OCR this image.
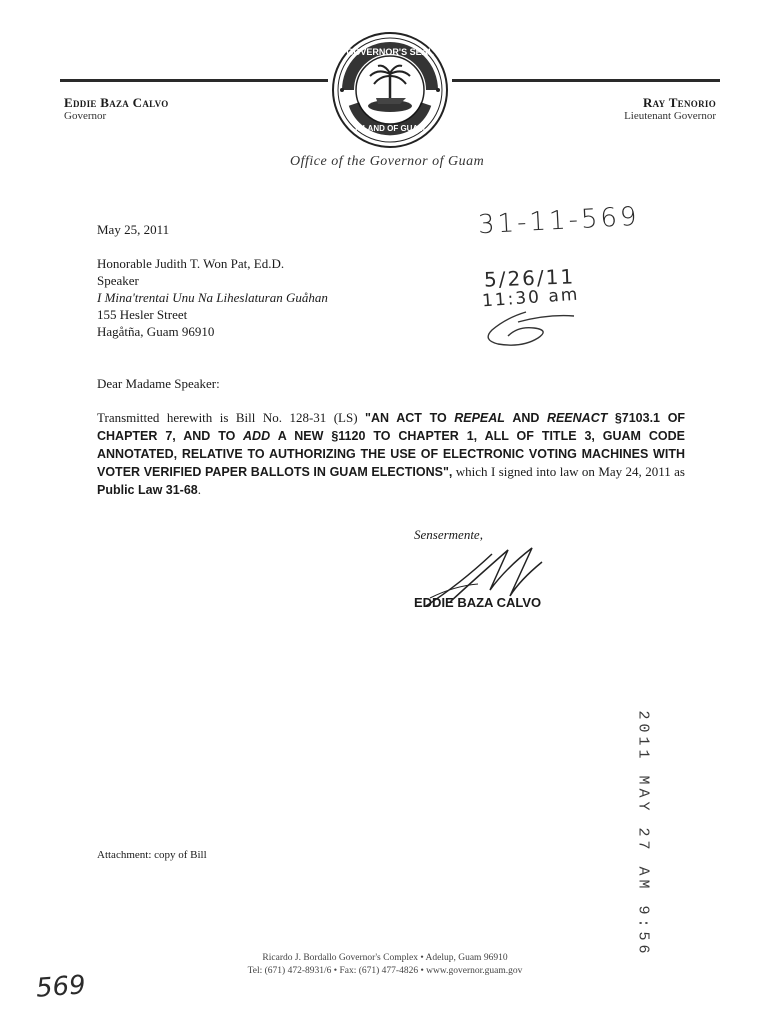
GOVERNOR'S SEAL
ISLAND OF GUAM
Eddie Baza Calvo
Governor
Ray Tenorio
Lieutenant Governor
Office of the Governor of Guam
31-11-569
May 25, 2011
Honorable Judith T. Won Pat, Ed.D.
Speaker
I Mina'trentai Unu Na Liheslaturan Guåhan
155 Hesler Street
Hagåtña, Guam 96910
5/26/11
11:30 am
Dear Madame Speaker:
Transmitted herewith is Bill No. 128-31 (LS) "AN ACT TO REPEAL AND REENACT §7103.1 OF CHAPTER 7, AND TO ADD A NEW §1120 TO CHAPTER 1, ALL OF TITLE 3, GUAM CODE ANNOTATED, RELATIVE TO AUTHORIZING THE USE OF ELECTRONIC VOTING MACHINES WITH VOTER VERIFIED PAPER BALLOTS IN GUAM ELECTIONS", which I signed into law on May 24, 2011 as Public Law 31-68.
Sensermente,
EDDIE BAZA CALVO
2011 MAY 27 AM 9:56
Attachment: copy of Bill
Ricardo J. Bordallo Governor's Complex • Adelup, Guam 96910
Tel: (671) 472-8931/6 • Fax: (671) 477-4826 • www.governor.guam.gov
569
